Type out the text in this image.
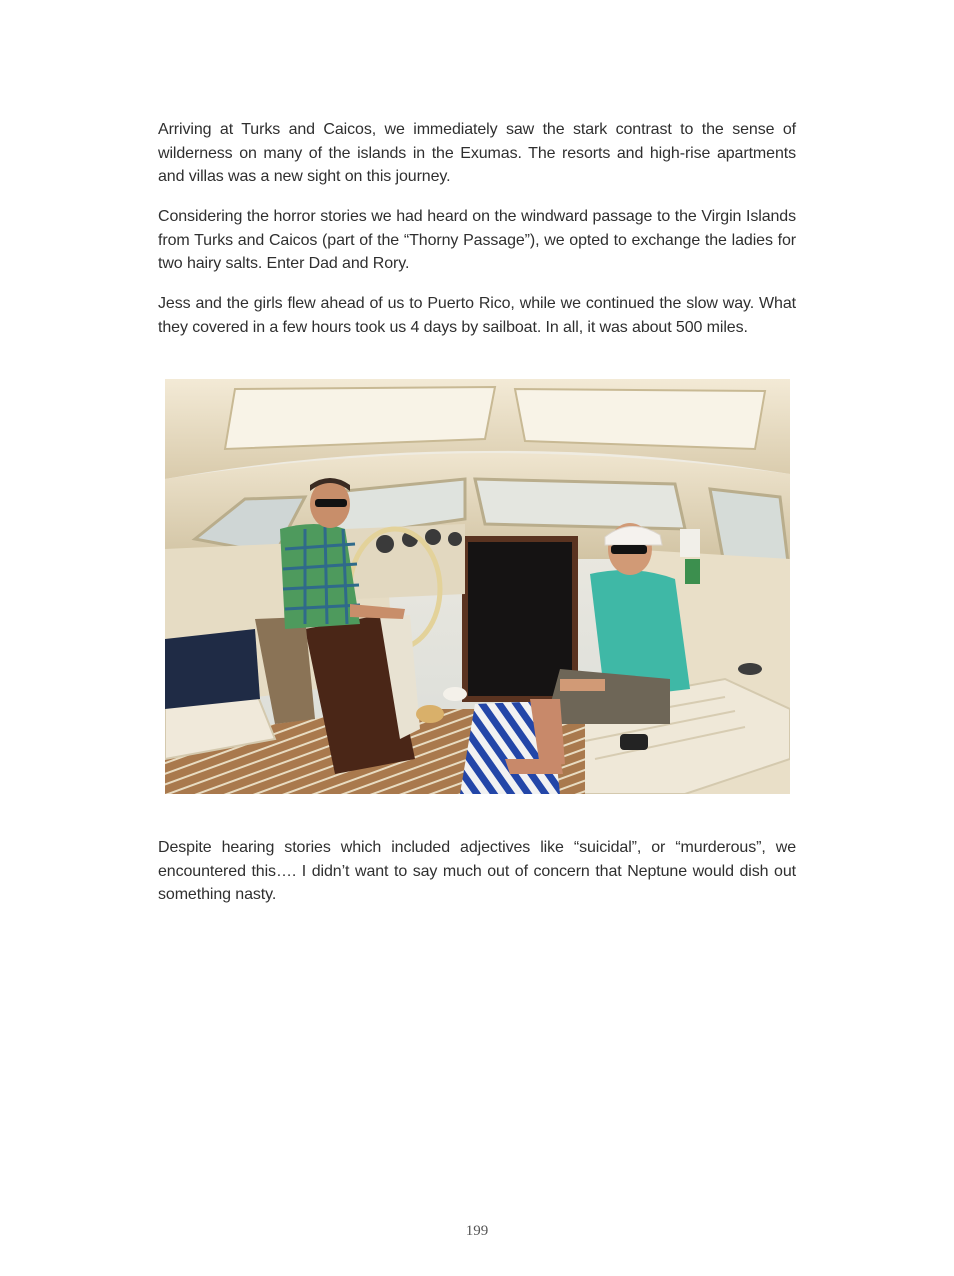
Arriving at Turks and Caicos, we immediately saw the stark contrast to the sense of wilderness on many of the islands in the Exumas. The resorts and high-rise apartments and villas was a new sight on this journey.

Considering the horror stories we had heard on the windward passage to the Virgin Islands from Turks and Caicos (part of the “Thorny Passage”), we opted to exchange the ladies for two hairy salts. Enter Dad and Rory.

Jess and the girls flew ahead of us to Puerto Rico, while we continued the slow way. What they covered in a few hours took us 4 days by sailboat. In all, it was about 500 miles.

Despite hearing stories which included adjectives like “suicidal”, or “murderous”, we encountered this…. I didn’t want to say much out of concern that Neptune would dish out something nasty.

199
